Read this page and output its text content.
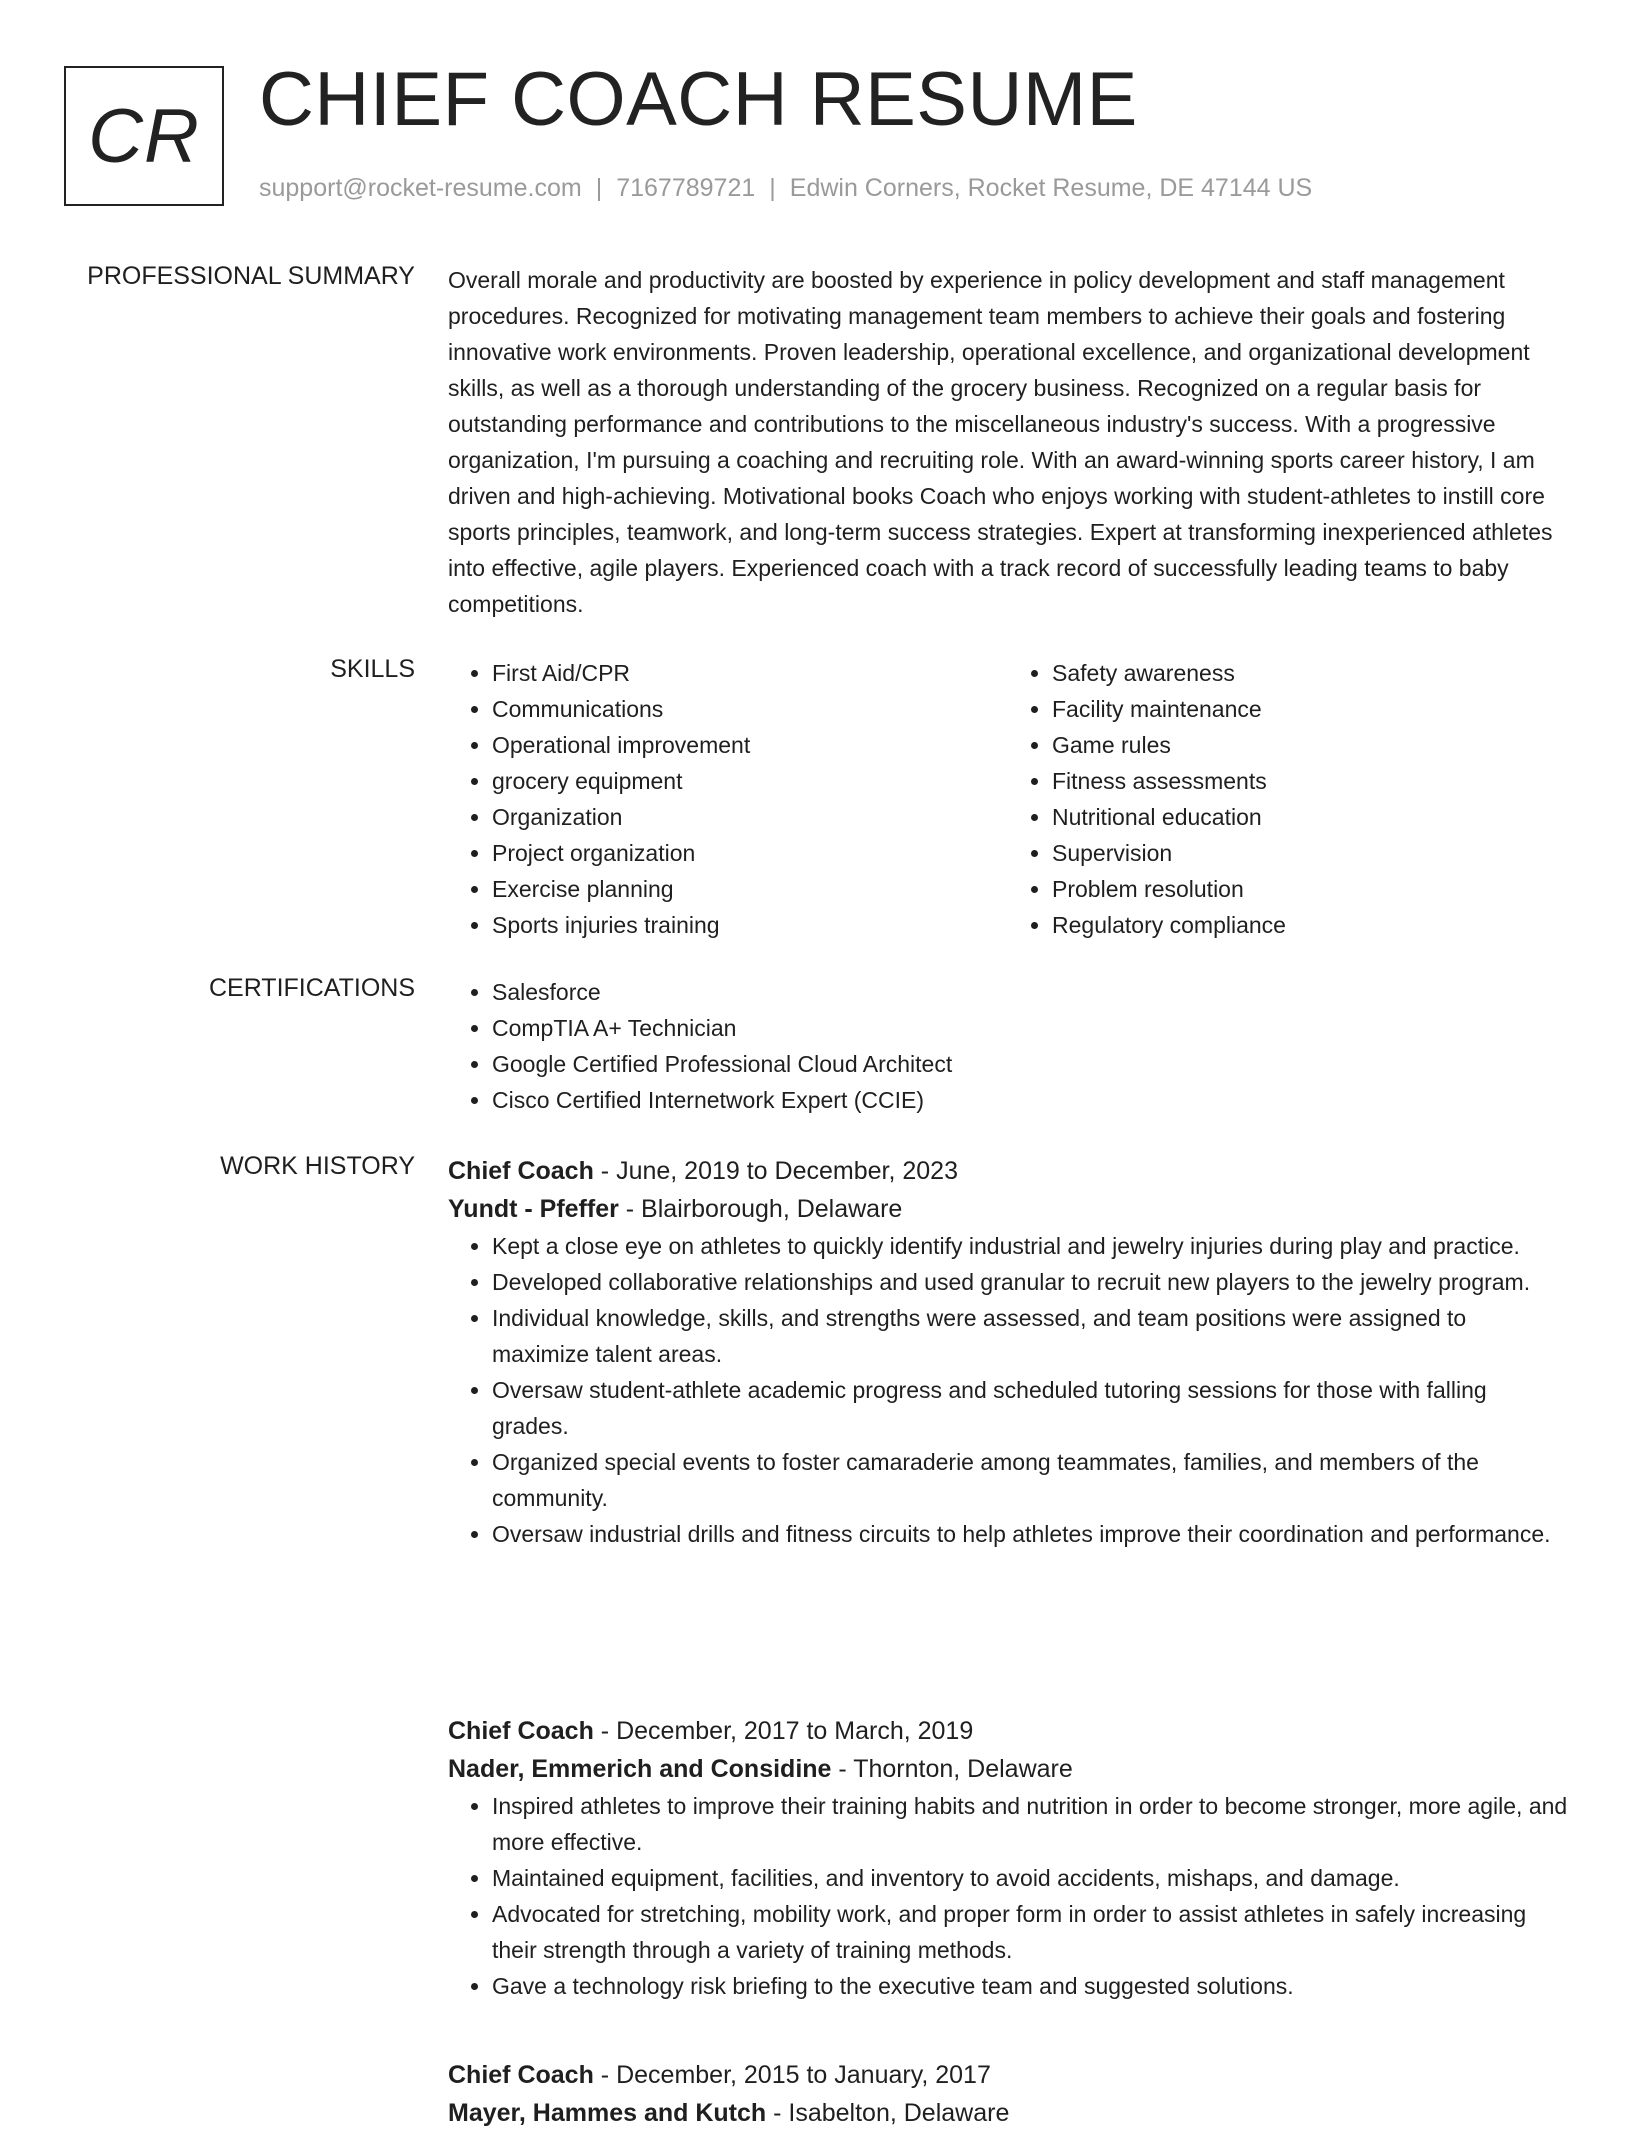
CR CHIEF COACH RESUME
support@rocket-resume.com | 7167789721 | Edwin Corners, Rocket Resume, DE 47144 US
PROFESSIONAL SUMMARY Overall morale and productivity are boosted by experience in policy development and staff management procedures. Recognized for motivating management team members to achieve their goals and fostering innovative work environments. Proven leadership, operational excellence, and organizational development skills, as well as a thorough understanding of the grocery business. Recognized on a regular basis for outstanding performance and contributions to the miscellaneous industry's success. With a progressive organization, I'm pursuing a coaching and recruiting role. With an award-winning sports career history, I am driven and high-achieving. Motivational books Coach who enjoys working with student-athletes to instill core sports principles, teamwork, and long-term success strategies. Expert at transforming inexperienced athletes into effective, agile players. Experienced coach with a track record of successfully leading teams to baby competitions.

SKILLS	• First Aid/CPR
• Communications
• Operational improvement
• grocery equipment
• Organization
• Project organization
• Exercise planning
• Sports injuries training
• Safety awareness
• Facility maintenance
• Game rules
• Fitness assessments
• Nutritional education
• Supervision
• Problem resolution
• Regulatory compliance
CERTIFICATIONS	• Salesforce
• CompTIA A+ Technician
• Google Certified Professional Cloud Architect
• Cisco Certified Internetwork Expert (CCIE)
WORK HISTORY Chief Coach - June, 2019 to December, 2023
Yundt - Pfeffer - Blairborough, Delaware
• Kept a close eye on athletes to quickly identify industrial and jewelry injuries during play and practice.
• Developed collaborative relationships and used granular to recruit new players to the jewelry program.
• Individual knowledge, skills, and strengths were assessed, and team positions were assigned to maximize talent areas.
• Oversaw student-athlete academic progress and scheduled tutoring sessions for those with falling grades.
• Organized special events to foster camaraderie among teammates, families, and members of the community.
• Oversaw industrial drills and fitness circuits to help athletes improve their coordination and performance.
Chief Coach - December, 2017 to March, 2019
Nader, Emmerich and Considine - Thornton, Delaware
• Inspired athletes to improve their training habits and nutrition in order to become stronger, more agile, and more effective.
• Maintained equipment, facilities, and inventory to avoid accidents, mishaps, and damage.
• Advocated for stretching, mobility work, and proper form in order to assist athletes in safely increasing their strength through a variety of training methods.
• Gave a technology risk briefing to the executive team and suggested solutions.
Chief Coach - December, 2015 to January, 2017
Mayer, Hammes and Kutch - Isabelton, Delaware
